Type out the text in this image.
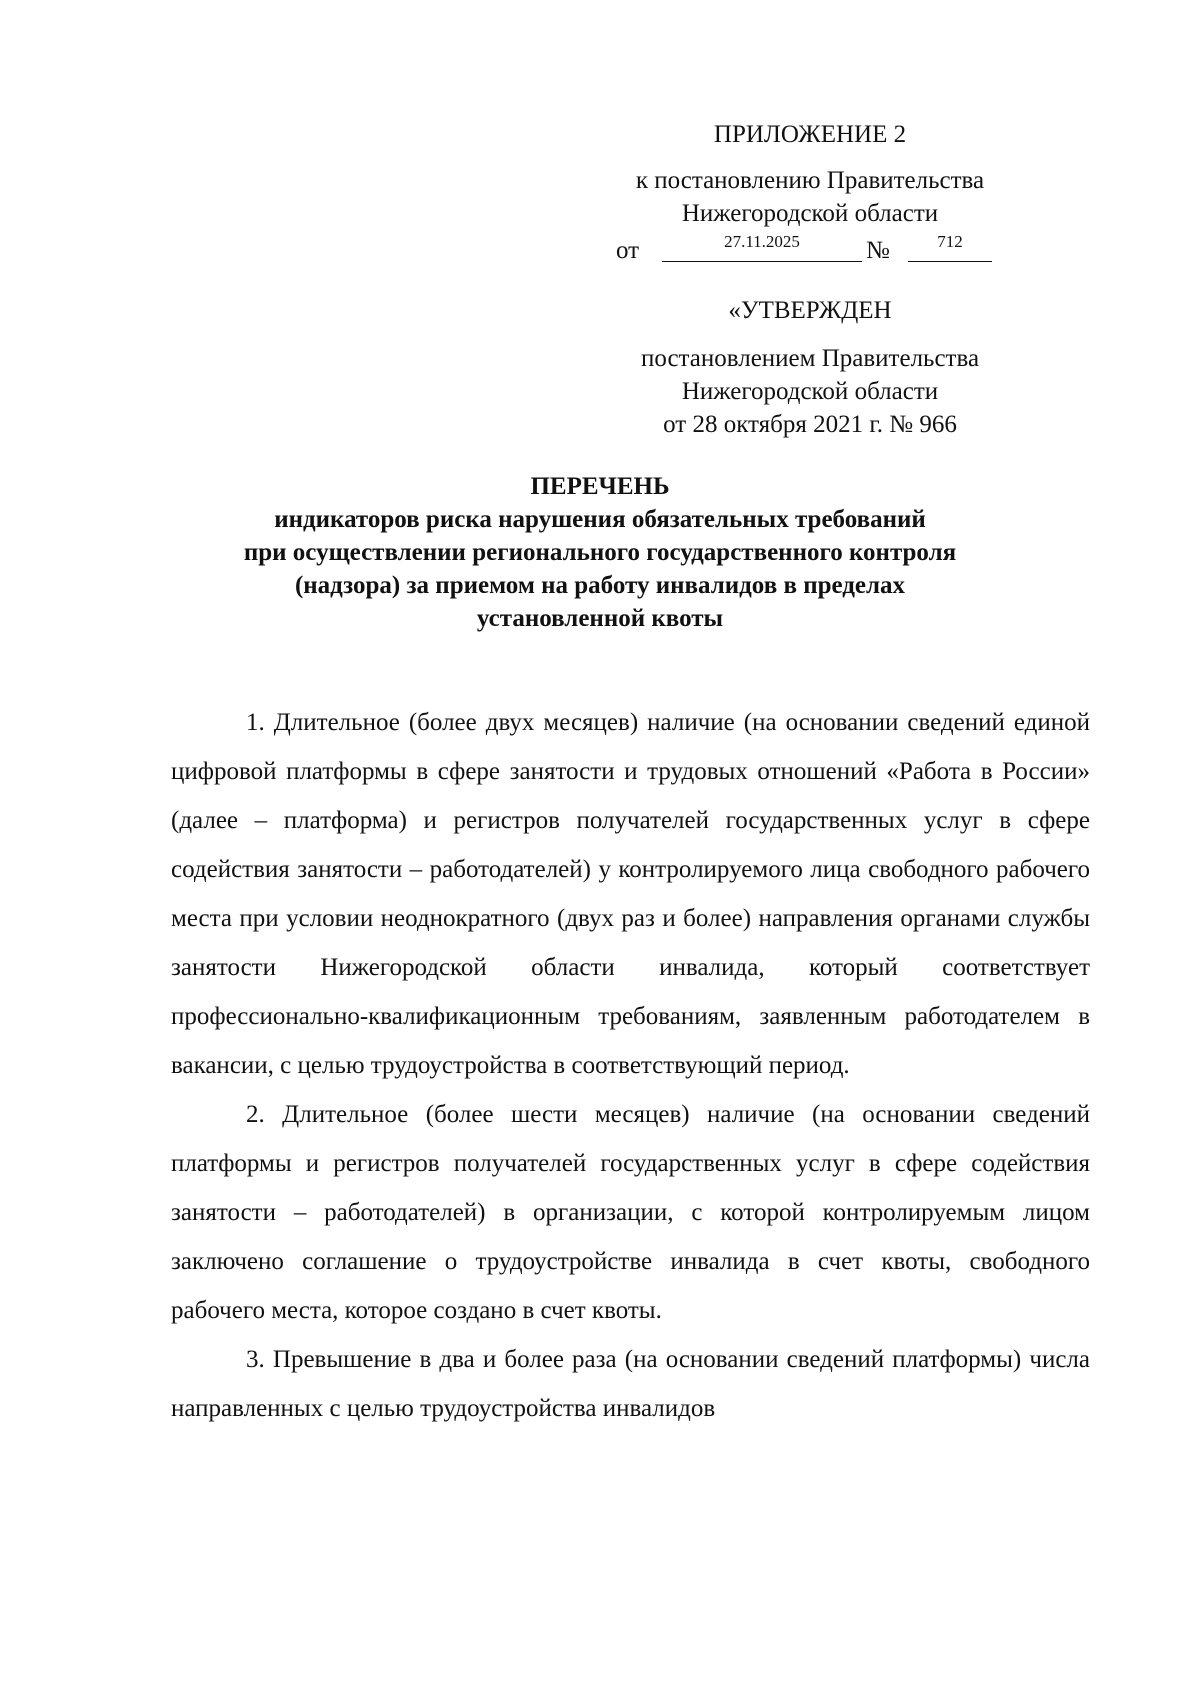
ПРИЛОЖЕНИЕ 2
к постановлению Правительства
Нижегородской области
от	27.11.2025	№	712
«УТВЕРЖДЕН
постановлением Правительства
Нижегородской области
от 28 октября 2021 г. № 966
ПЕРЕЧЕНЬ
индикаторов риска нарушения обязательных требований
при осуществлении регионального государственного контроля
(надзора) за приемом на работу инвалидов в пределах
установленной квоты

1. Длительное (более двух месяцев) наличие (на основании сведений единой цифровой платформы в сфере занятости и трудовых отношений «Работа в России» (далее – платформа) и регистров получателей государственных услуг в сфере содействия занятости – работодателей) у контролируемого лица свободного рабочего места при условии неоднократного (двух раз и более) направления органами службы занятости Нижегородской области инвалида, который соответствует профессионально-квалификационным требованиям, заявленным работодателем в вакансии, с целью трудоустройства в соответствующий период.

2. Длительное (более шести месяцев) наличие (на основании сведений платформы и регистров получателей государственных услуг в сфере содействия занятости – работодателей) в организации, с которой контролируемым лицом заключено соглашение о трудоустройстве инвалида в счет квоты, свободного рабочего места, которое создано в счет квоты.

3. Превышение в два и более раза (на основании сведений платформы) числа направленных с целью трудоустройства инвалидов
